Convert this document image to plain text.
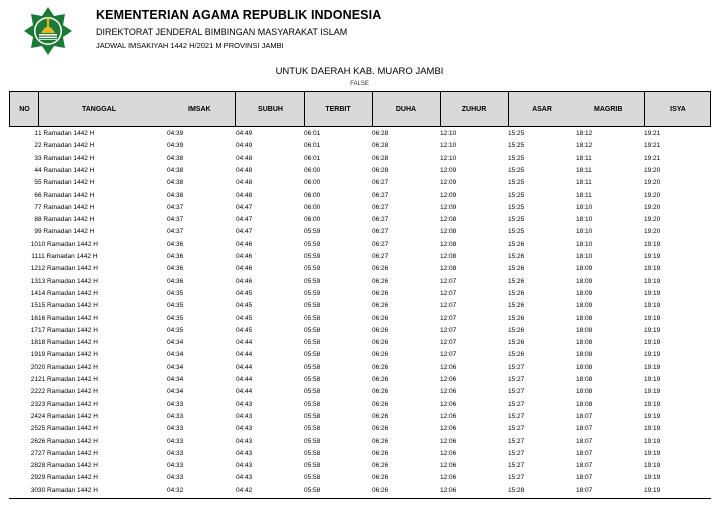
KEMENTERIAN AGAMA REPUBLIK INDONESIA
DIREKTORAT JENDERAL BIMBINGAN MASYARAKAT ISLAM
JADWAL IMSAKIYAH 1442 H/2021 M PROVINSI JAMBI
UNTUK DAERAH KAB. MUARO JAMBI
FALSE
NO	TANGGAL	IMSAK	SUBUH	TERBIT	DUHA	ZUHUR	ASAR	MAGRIB	ISYA
1 1 Ramadan 1442 H	04:39	04:49	06:01	06:28	12:10	15:25	18:12	19:21
2 2 Ramadan 1442 H	04:39	04:49	06:01	06:28	12:10	15:25	18:12	19:21
3 3 Ramadan 1442 H	04:38	04:48	06:01	06:28	12:10	15:25	18:11	19:21
4 4 Ramadan 1442 H	04:38	04:48	06:00	06:28	12:09	15:25	18:11	19:20
5 5 Ramadan 1442 H	04:38	04:48	06:00	06:27	12:09	15:25	18:11	19:20
6 6 Ramadan 1442 H	04:38	04:48	06:00	06:27	12:09	15:25	18:11	19:20
7 7 Ramadan 1442 H	04:37	04:47	06:00	06:27	12:09	15:25	18:10	19:20
8 8 Ramadan 1442 H	04:37	04:47	06:00	06:27	12:08	15:25	18:10	19:20
9 9 Ramadan 1442 H	04:37	04:47	05:59	06:27	12:08	15:25	18:10	19:20
10 10 Ramadan 1442 H	04:36	04:46	05:59	06:27	12:08	15:26	18:10	19:19
11 11 Ramadan 1442 H	04:36	04:46	05:59	06:27	12:08	15:26	18:10	19:19
12 12 Ramadan 1442 H	04:36	04:46	05:59	06:26	12:08	15:26	18:09	19:19
13 13 Ramadan 1442 H	04:36	04:46	05:59	06:26	12:07	15:26	18:09	19:19
14 14 Ramadan 1442 H	04:35	04:45	05:59	06:26	12:07	15:26	18:09	19:19
15 15 Ramadan 1442 H	04:35	04:45	05:58	06:26	12:07	15:26	18:09	19:19
16 16 Ramadan 1442 H	04:35	04:45	05:58	06:26	12:07	15:26	18:08	19:19
17 17 Ramadan 1442 H	04:35	04:45	05:58	06:26	12:07	15:26	18:08	19:19
18 18 Ramadan 1442 H	04:34	04:44	05:58	06:26	12:07	15:26	18:08	19:19
19 19 Ramadan 1442 H	04:34	04:44	05:58	06:26	12:07	15:26	18:08	19:19
20 20 Ramadan 1442 H	04:34	04:44	05:58	06:26	12:06	15:27	18:08	19:19
21 21 Ramadan 1442 H	04:34	04:44	05:58	06:26	12:06	15:27	18:08	19:19
22 22 Ramadan 1442 H	04:34	04:44	05:58	06:26	12:06	15:27	18:08	19:19
23 23 Ramadan 1442 H	04:33	04:43	05:58	06:26	12:06	15:27	18:08	19:19
24 24 Ramadan 1442 H	04:33	04:43	05:58	06:26	12:06	15:27	18:07	19:19
25 25 Ramadan 1442 H	04:33	04:43	05:58	06:26	12:06	15:27	18:07	19:19
26 26 Ramadan 1442 H	04:33	04:43	05:58	06:26	12:06	15:27	18:07	19:19
27 27 Ramadan 1442 H	04:33	04:43	05:58	06:26	12:06	15:27	18:07	19:19
28 28 Ramadan 1442 H	04:33	04:43	05:58	06:26	12:06	15:27	18:07	19:19
29 29 Ramadan 1442 H	04:33	04:43	05:58	06:26	12:06	15:27	18:07	19:19
30 30 Ramadan 1442 H	04:32	04:42	05:58	06:26	12:06	15:28	18:07	19:19
